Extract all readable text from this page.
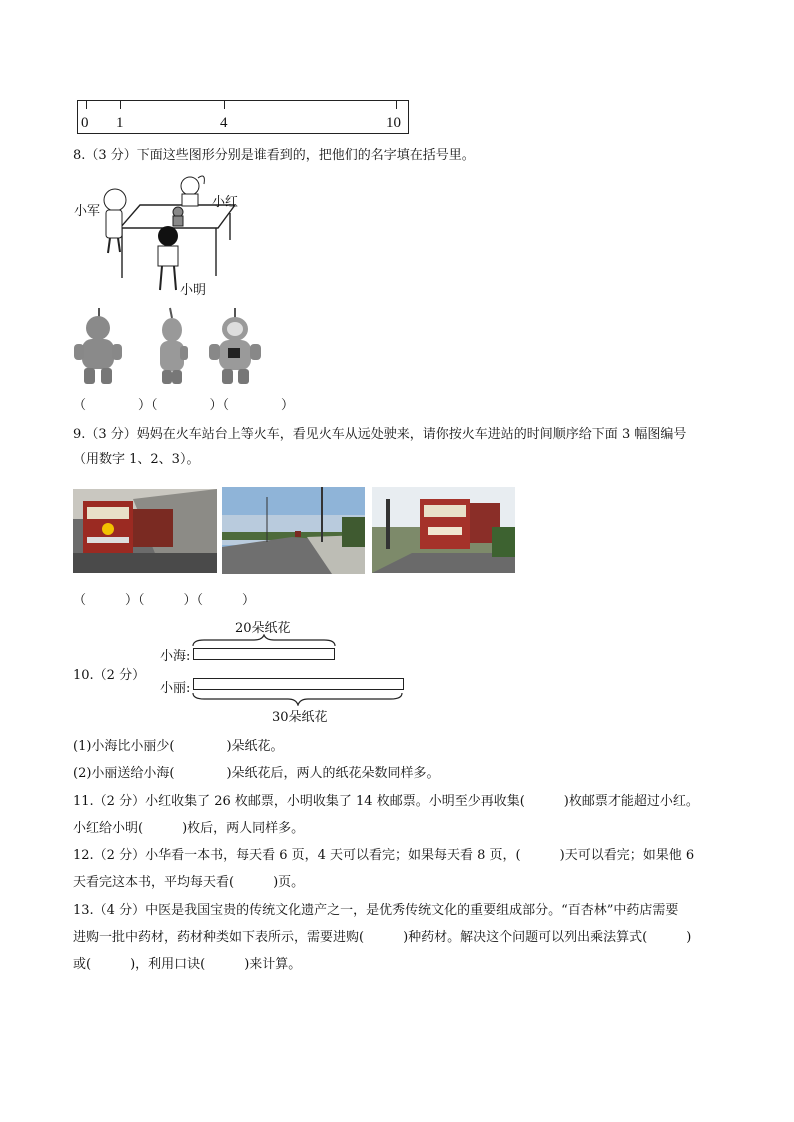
0 1	4	10
8.（3 分）下面这些图形分别是谁看到的，把他们的名字填在括号里。
小军
小红
小明
（　　　　）（　　　　）（　　　　）
9.（3 分）妈妈在火车站台上等火车，看见火车从远处驶来，请你按火车进站的时间顺序给下面 3 幅图编号
（用数字 1、2、3）。
（　　　）（　　　）（　　　）
20朵纸花
小海:
10.（2 分）
小丽:
30朵纸花
(1)小海比小丽少(　　　　)朵纸花。
(2)小丽送给小海(　　　　)朵纸花后，两人的纸花朵数同样多。
11.（2 分）小红收集了 26 枚邮票，小明收集了 14 枚邮票。小明至少再收集(　　　)枚邮票才能超过小红。
小红给小明(　　　)枚后，两人同样多。
12.（2 分）小华看一本书，每天看 6 页，4 天可以看完；如果每天看 8 页，(　　　)天可以看完；如果他 6
天看完这本书，平均每天看(　　　)页。
13.（4 分）中医是我国宝贵的传统文化遗产之一，是优秀传统文化的重要组成部分。“百杏林”中药店需要
进购一批中药材，药材种类如下表所示，需要进购(　　　)种药材。解决这个问题可以列出乘法算式(　　　)
或(　　　)，利用口诀(　　　)来计算。
